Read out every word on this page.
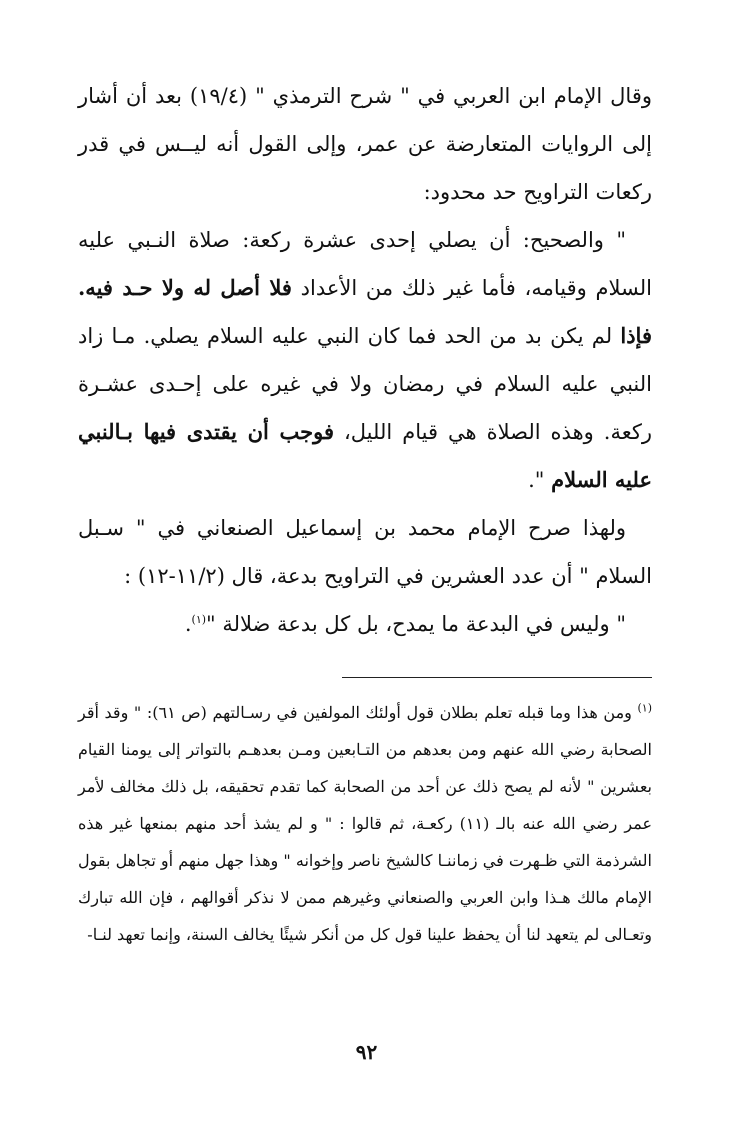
وقال الإمام ابن العربي في " شرح الترمذي " (١٩/٤) بعد أن أشار إلى الروايات المتعارضة عن عمر، وإلى القول أنه ليــس في قدر ركعات التراويح حد محدود:

" والصحيح: أن يصلي إحدى عشرة ركعة: صلاة النـبي عليه السلام وقيامه، فأما غير ذلك من الأعداد فلا أصل له ولا حـد فيه. فإذا لم يكن بد من الحد فما كان النبي عليه السلام يصلي. مـا زاد النبي عليه السلام في رمضان ولا في غيره على إحـدى عشـرة ركعة. وهذه الصلاة هي قيام الليل، فوجب أن يقتدى فيها بـالنبي عليه السلام ".

ولهذا صرح الإمام محمد بن إسماعيل الصنعاني في " سـبل السلام " أن عدد العشرين في التراويح بدعة، قال (١١/٢-١٢) :

" وليس في البدعة ما يمدح، بل كل بدعة ضلالة "$^{(١)}$.

$^{(١)}$ ومن هذا وما قبله تعلم بطلان قول أولئك المولفين في رسـالتهم (ص ٦١): " وقد أقر الصحابة رضي الله عنهم ومن بعدهم من التـابعين ومـن بعدهـم بالتواتر إلى يومنا القيام بعشرين " لأنه لم يصح ذلك عن أحد من الصحابة كما تقدم تحقيقه، بل ذلك مخالف لأمر عمر رضي الله عنه بالـ (١١) ركعـة، ثم قالوا : " و لم يشذ أحد منهم بمنعها غير هذه الشرذمة التي ظـهرت في زماننـا كالشيخ ناصر وإخوانه " وهذا جهل منهم أو تجاهل بقول الإمام مالك هـذا وابن العربي والصنعاني وغيرهم ممن لا نذكر أقوالهم ، فإن الله تبارك وتعـالى لم يتعهد لنا أن يحفظ علينا قول كل من أنكر شيئًا يخالف السنة، وإنما تعهد لنـا-

٩٢
